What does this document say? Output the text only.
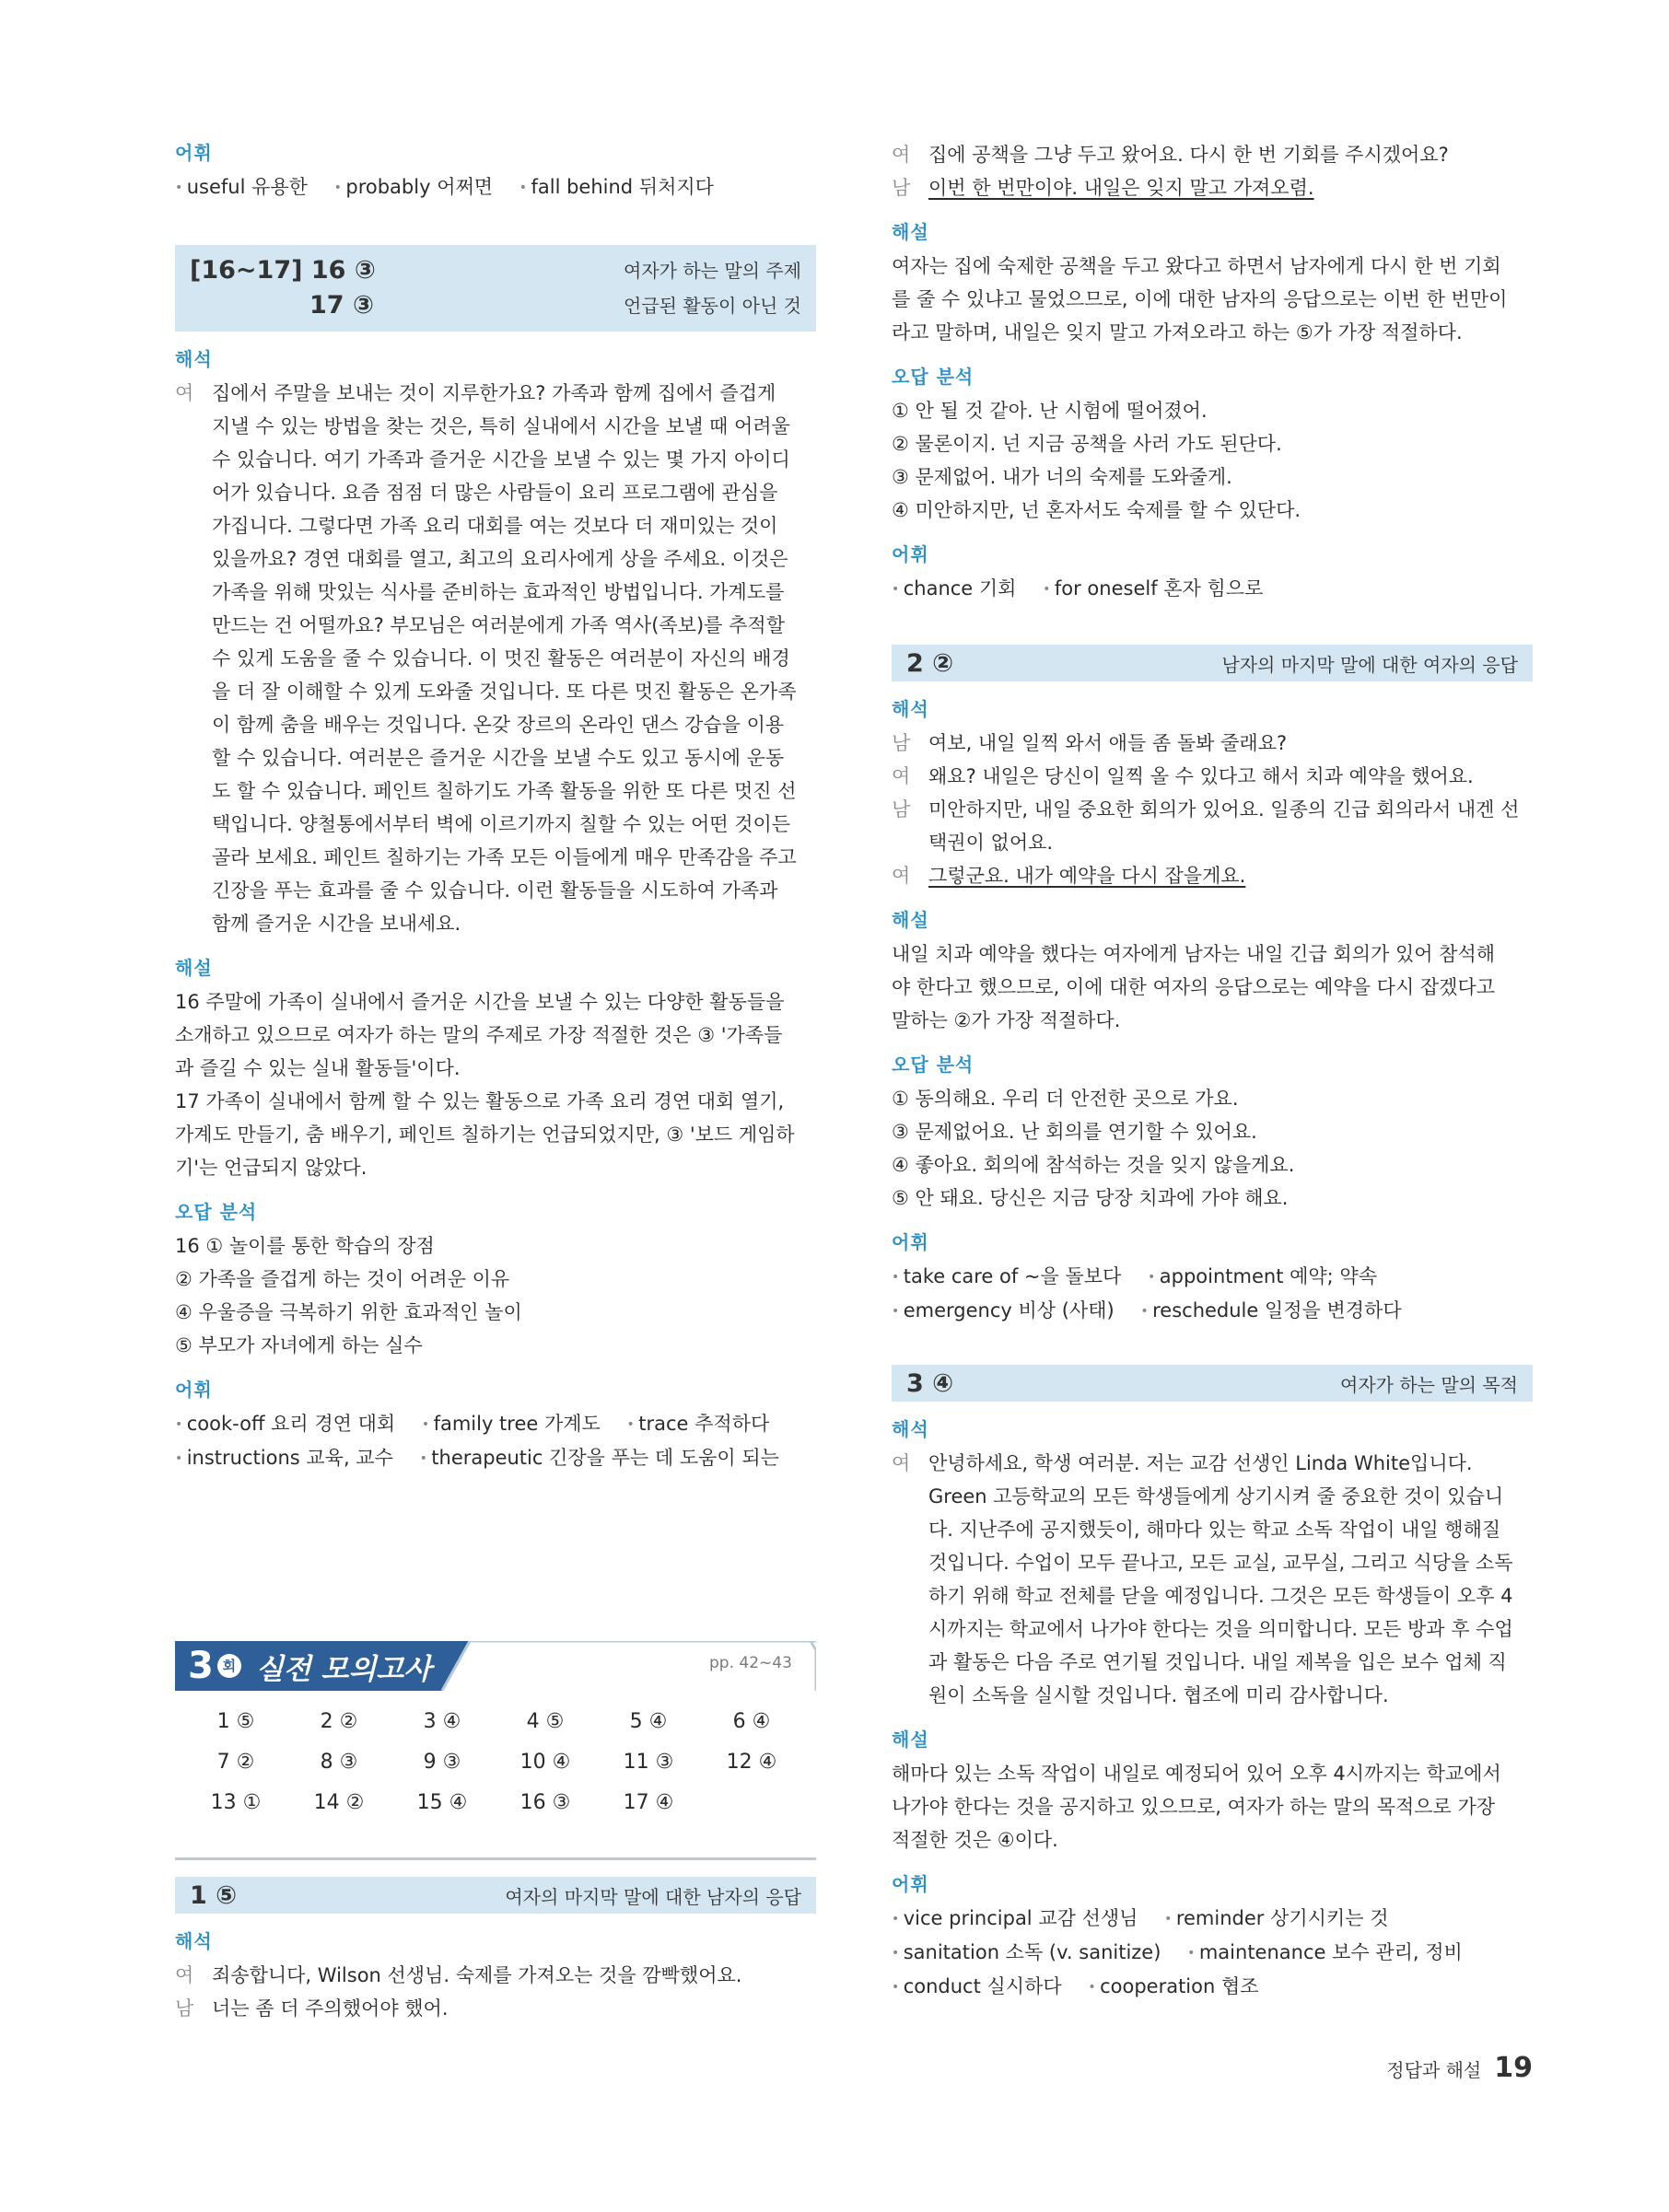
어휘
• useful 유용한 • probably 어쩌면 • fall behind 뒤처지다
[16~17] 16 ③	여자가 하는 말의 주제
17 ③	언급된 활동이 아닌 것
해석
여 집에서 주말을 보내는 것이 지루한가요? 가족과 함께 집에서 즐겁게
지낼 수 있는 방법을 찾는 것은, 특히 실내에서 시간을 보낼 때 어려울
수 있습니다. 여기 가족과 즐거운 시간을 보낼 수 있는 몇 가지 아이디
어가 있습니다. 요즘 점점 더 많은 사람들이 요리 프로그램에 관심을
가집니다. 그렇다면 가족 요리 대회를 여는 것보다 더 재미있는 것이
있을까요? 경연 대회를 열고, 최고의 요리사에게 상을 주세요. 이것은
가족을 위해 맛있는 식사를 준비하는 효과적인 방법입니다. 가계도를
만드는 건 어떨까요? 부모님은 여러분에게 가족 역사(족보)를 추적할
수 있게 도움을 줄 수 있습니다. 이 멋진 활동은 여러분이 자신의 배경
을 더 잘 이해할 수 있게 도와줄 것입니다. 또 다른 멋진 활동은 온가족
이 함께 춤을 배우는 것입니다. 온갖 장르의 온라인 댄스 강습을 이용
할 수 있습니다. 여러분은 즐거운 시간을 보낼 수도 있고 동시에 운동
도 할 수 있습니다. 페인트 칠하기도 가족 활동을 위한 또 다른 멋진 선
택입니다. 양철통에서부터 벽에 이르기까지 칠할 수 있는 어떤 것이든
골라 보세요. 페인트 칠하기는 가족 모든 이들에게 매우 만족감을 주고
긴장을 푸는 효과를 줄 수 있습니다. 이런 활동들을 시도하여 가족과
함께 즐거운 시간을 보내세요.
해설
16 주말에 가족이 실내에서 즐거운 시간을 보낼 수 있는 다양한 활동들을
소개하고 있으므로 여자가 하는 말의 주제로 가장 적절한 것은 ③ '가족들
과 즐길 수 있는 실내 활동들'이다.
17 가족이 실내에서 함께 할 수 있는 활동으로 가족 요리 경연 대회 열기,
가계도 만들기, 춤 배우기, 페인트 칠하기는 언급되었지만, ③ '보드 게임하
기'는 언급되지 않았다.
오답 분석
16 ① 놀이를 통한 학습의 장점
② 가족을 즐겁게 하는 것이 어려운 이유
④ 우울증을 극복하기 위한 효과적인 놀이
⑤ 부모가 자녀에게 하는 실수
어휘
• cook-off 요리 경연 대회 • family tree 가계도 • trace 추적하다
• instructions 교육, 교수 • therapeutic 긴장을 푸는 데 도움이 되는
3 회 실전 모의고사	pp. 42~43
1 ⑤	2 ②	3 ④	4 ⑤	5 ④	6 ④
7 ②	8 ③	9 ③	10 ④	11 ③	12 ④
13 ①	14 ②	15 ④	16 ③	17 ④
1 ⑤	여자의 마지막 말에 대한 남자의 응답
해석
여 죄송합니다, Wilson 선생님. 숙제를 가져오는 것을 깜빡했어요.
남 너는 좀 더 주의했어야 했어.
여 집에 공책을 그냥 두고 왔어요. 다시 한 번 기회를 주시겠어요?
남 이번 한 번만이야. 내일은 잊지 말고 가져오렴.
해설
여자는 집에 숙제한 공책을 두고 왔다고 하면서 남자에게 다시 한 번 기회
를 줄 수 있냐고 물었으므로, 이에 대한 남자의 응답으로는 이번 한 번만이
라고 말하며, 내일은 잊지 말고 가져오라고 하는 ⑤가 가장 적절하다.
오답 분석
① 안 될 것 같아. 난 시험에 떨어졌어.
② 물론이지. 넌 지금 공책을 사러 가도 된단다.
③ 문제없어. 내가 너의 숙제를 도와줄게.
④ 미안하지만, 넌 혼자서도 숙제를 할 수 있단다.
어휘
• chance 기회 • for oneself 혼자 힘으로
2 ②	남자의 마지막 말에 대한 여자의 응답
해석
남 여보, 내일 일찍 와서 애들 좀 돌봐 줄래요?
여 왜요? 내일은 당신이 일찍 올 수 있다고 해서 치과 예약을 했어요.
남 미안하지만, 내일 중요한 회의가 있어요. 일종의 긴급 회의라서 내겐 선택권이 없어요.
여 그렇군요. 내가 예약을 다시 잡을게요.
해설
내일 치과 예약을 했다는 여자에게 남자는 내일 긴급 회의가 있어 참석해
야 한다고 했으므로, 이에 대한 여자의 응답으로는 예약을 다시 잡겠다고
말하는 ②가 가장 적절하다.
오답 분석
① 동의해요. 우리 더 안전한 곳으로 가요.
③ 문제없어요. 난 회의를 연기할 수 있어요.
④ 좋아요. 회의에 참석하는 것을 잊지 않을게요.
⑤ 안 돼요. 당신은 지금 당장 치과에 가야 해요.
어휘
• take care of ~을 돌보다 • appointment 예약; 약속 • emergency 비상 (사태) • reschedule 일정을 변경하다
3 ④	여자가 하는 말의 목적
해석
여 안녕하세요, 학생 여러분. 저는 교감 선생인 Linda White입니다.
Green 고등학교의 모든 학생들에게 상기시켜 줄 중요한 것이 있습니
다. 지난주에 공지했듯이, 해마다 있는 학교 소독 작업이 내일 행해질
것입니다. 수업이 모두 끝나고, 모든 교실, 교무실, 그리고 식당을 소독
하기 위해 학교 전체를 닫을 예정입니다. 그것은 모든 학생들이 오후 4
시까지는 학교에서 나가야 한다는 것을 의미합니다. 모든 방과 후 수업
과 활동은 다음 주로 연기될 것입니다. 내일 제복을 입은 보수 업체 직
원이 소독을 실시할 것입니다. 협조에 미리 감사합니다.
해설
해마다 있는 소독 작업이 내일로 예정되어 있어 오후 4시까지는 학교에서
나가야 한다는 것을 공지하고 있으므로, 여자가 하는 말의 목적으로 가장
적절한 것은 ④이다.
어휘
• vice principal 교감 선생님 • reminder 상기시키는 것 • sanitation 소독 (v. sanitize) • maintenance 보수 관리, 정비 • conduct 실시하다 • cooperation 협조
정답과 해설 19
